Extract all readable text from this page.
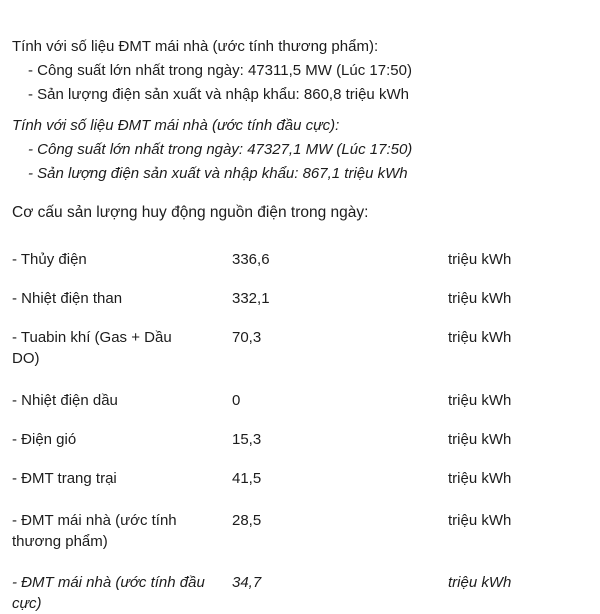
Tính với số liệu ĐMT mái nhà (ước tính thương phẩm):
- Công suất lớn nhất trong ngày: 47311,5 MW (Lúc 17:50)
- Sản lượng điện sản xuất và nhập khẩu: 860,8 triệu kWh
Tính với số liệu ĐMT mái nhà (ước tính đầu cực):
- Công suất lớn nhất trong ngày: 47327,1 MW (Lúc 17:50)
- Sản lượng điện sản xuất và nhập khẩu: 867,1 triệu kWh
Cơ cấu sản lượng huy động nguồn điện trong ngày:
- Thủy điện	336,6	triệu kWh
- Nhiệt điện than	332,1	triệu kWh
- Tuabin khí (Gas + Dầu DO)
70,3	triệu kWh
- Nhiệt điện dầu	0	triệu kWh
- Điện gió	15,3	triệu kWh
- ĐMT trang trại	41,5	triệu kWh
- ĐMT mái nhà (ước tính thương phẩm)
28,5	triệu kWh
- ĐMT mái nhà (ước tính đầu cực)
34,7	triệu kWh
